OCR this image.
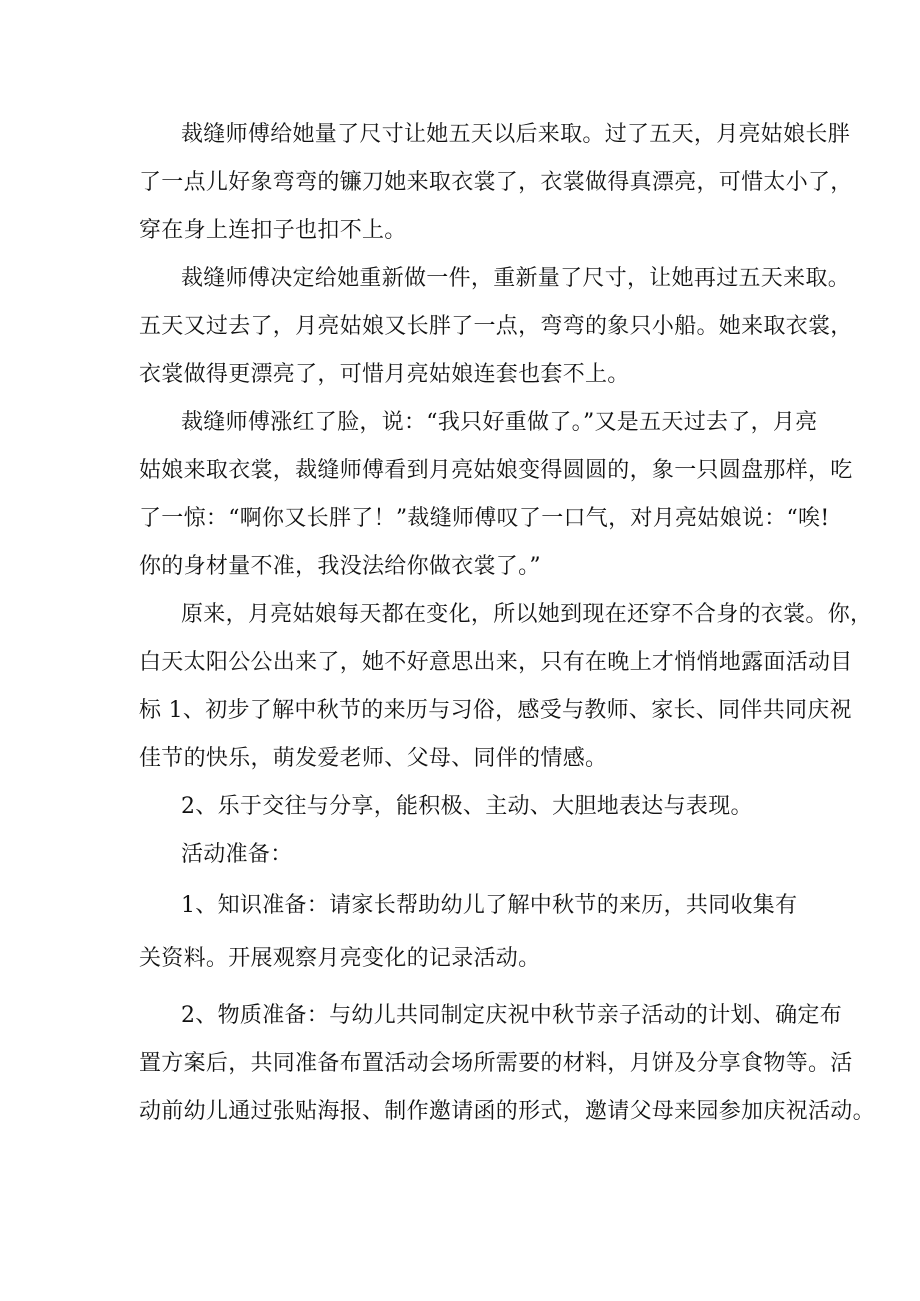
裁缝师傅给她量了尺寸让她五天以后来取。过了五天，月亮姑娘长胖
了一点儿好象弯弯的镰刀她来取衣裳了，衣裳做得真漂亮，可惜太小了，
穿在身上连扣子也扣不上。
裁缝师傅决定给她重新做一件，重新量了尺寸，让她再过五天来取。
五天又过去了，月亮姑娘又长胖了一点，弯弯的象只小船。她来取衣裳，
衣裳做得更漂亮了，可惜月亮姑娘连套也套不上。
裁缝师傅涨红了脸，说：“我只好重做了。”又是五天过去了，月亮
姑娘来取衣裳，裁缝师傅看到月亮姑娘变得圆圆的，象一只圆盘那样，吃
了一惊：“啊你又长胖了！”裁缝师傅叹了一口气，对月亮姑娘说：“唉!
你的身材量不准，我没法给你做衣裳了。”
原来，月亮姑娘每天都在变化，所以她到现在还穿不合身的衣裳。你，
白天太阳公公出来了，她不好意思出来，只有在晚上才悄悄地露面活动目
标 1、初步了解中秋节的来历与习俗，感受与教师、家长、同伴共同庆祝
佳节的快乐，萌发爱老师、父母、同伴的情感。
2、乐于交往与分享，能积极、主动、大胆地表达与表现。
活动准备：
1、知识准备：请家长帮助幼儿了解中秋节的来历，共同收集有
关资料。开展观察月亮变化的记录活动。
2、物质准备：与幼儿共同制定庆祝中秋节亲子活动的计划、确定布
置方案后，共同准备布置活动会场所需要的材料，月饼及分享食物等。活
动前幼儿通过张贴海报、制作邀请函的形式，邀请父母来园参加庆祝活动。
